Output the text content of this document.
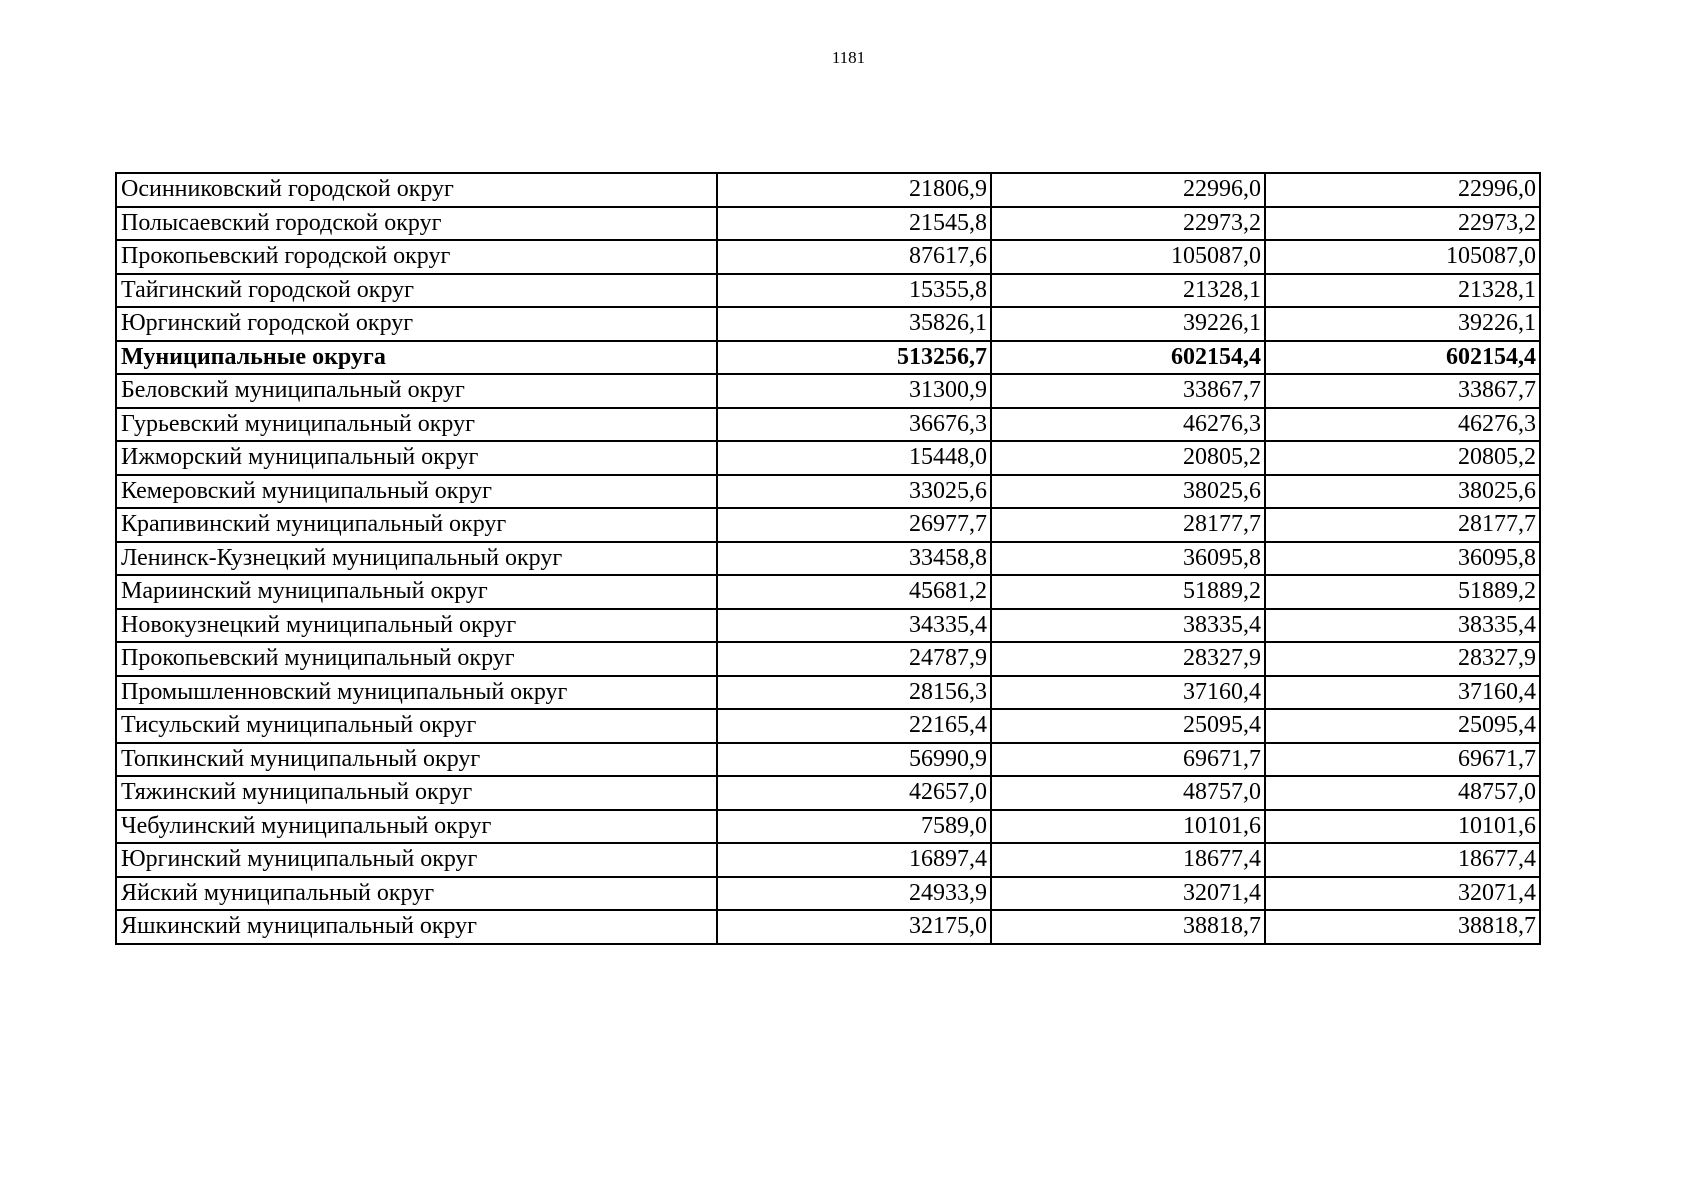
1181
Осинниковский городской округ	21806,9	22996,0	22996,0
Полысаевский городской округ	21545,8	22973,2	22973,2
Прокопьевский городской округ	87617,6	105087,0	105087,0
Тайгинский городской округ	15355,8	21328,1	21328,1
Юргинский городской округ	35826,1	39226,1	39226,1
Муниципальные округа	513256,7	602154,4	602154,4
Беловский муниципальный округ	31300,9	33867,7	33867,7
Гурьевский муниципальный округ	36676,3	46276,3	46276,3
Ижморский муниципальный округ	15448,0	20805,2	20805,2
Кемеровский муниципальный округ	33025,6	38025,6	38025,6
Крапивинский муниципальный округ	26977,7	28177,7	28177,7
Ленинск-Кузнецкий муниципальный округ	33458,8	36095,8	36095,8
Мариинский муниципальный округ	45681,2	51889,2	51889,2
Новокузнецкий муниципальный округ	34335,4	38335,4	38335,4
Прокопьевский муниципальный округ	24787,9	28327,9	28327,9
Промышленновский муниципальный округ	28156,3	37160,4	37160,4
Тисульский муниципальный округ	22165,4	25095,4	25095,4
Топкинский муниципальный округ	56990,9	69671,7	69671,7
Тяжинский муниципальный округ	42657,0	48757,0	48757,0
Чебулинский муниципальный округ	7589,0	10101,6	10101,6
Юргинский муниципальный округ	16897,4	18677,4	18677,4
Яйский муниципальный округ	24933,9	32071,4	32071,4
Яшкинский муниципальный округ	32175,0	38818,7	38818,7
